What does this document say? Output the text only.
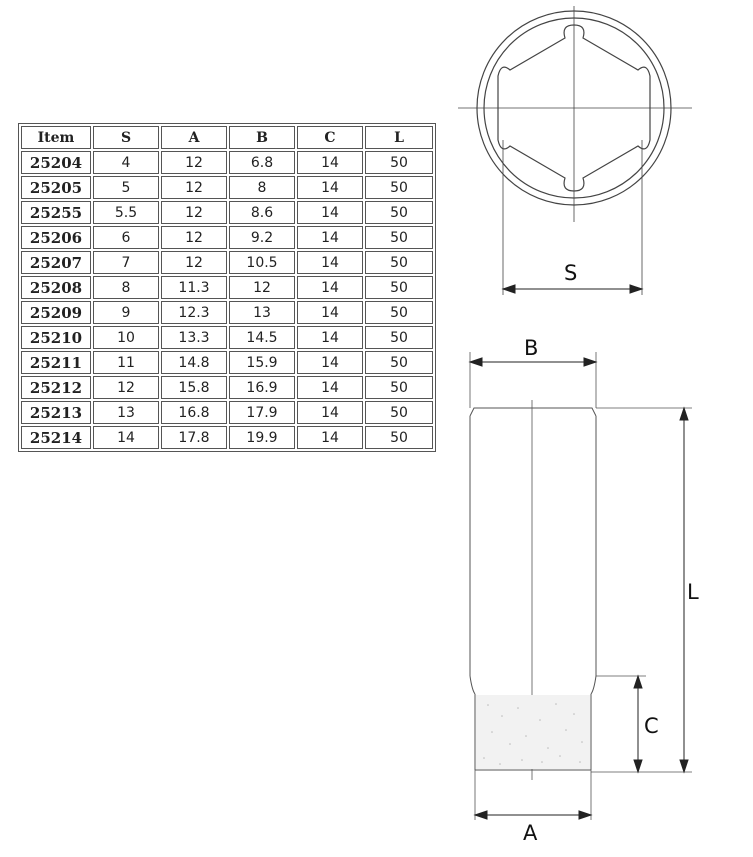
Item	S	A	B	C	L
25204	4	12	6.8	14	50
25205	5	12	8	14	50
25255	5.5	12	8.6	14	50
25206	6	12	9.2	14	50
25207	7	12	10.5	14	50
25208	8	11.3	12	14	50
25209	9	12.3	13	14	50
25210	10	13.3	14.5	14	50
25211	11	14.8	15.9	14	50
25212	12	15.8	16.9	14	50
25213	13	16.8	17.9	14	50
25214	14	17.8	19.9	14	50
S
B
L
C
A
